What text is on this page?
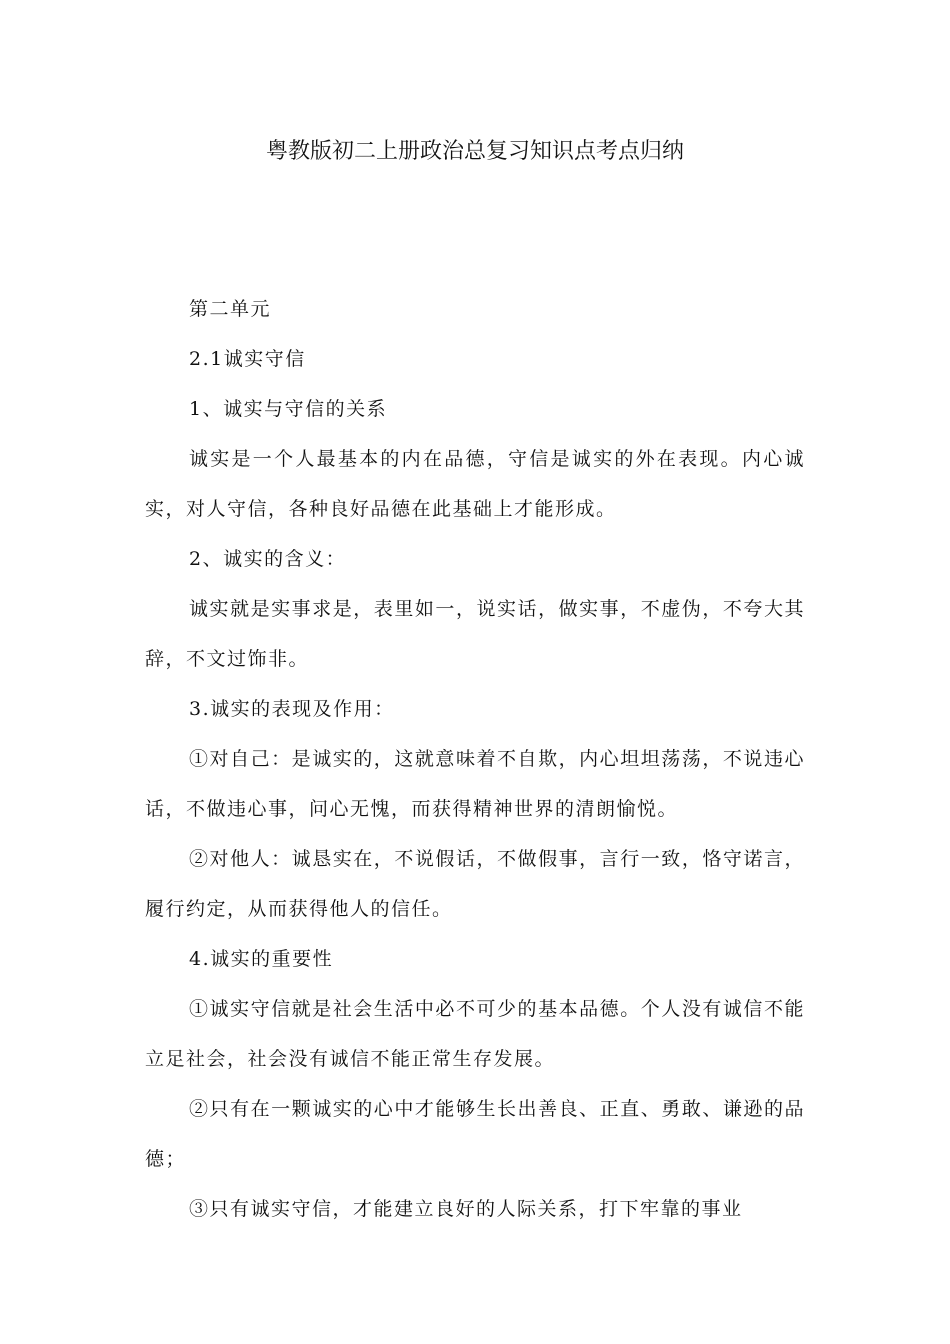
粤教版初二上册政治总复习知识点考点归纳

第二单元

2.1诚实守信

1、诚实与守信的关系

诚实是一个人最基本的内在品德，守信是诚实的外在表现。内心诚实，对人守信，各种良好品德在此基础上才能形成。

2、诚实的含义：

诚实就是实事求是，表里如一，说实话，做实事，不虚伪，不夸大其辞，不文过饰非。

3.诚实的表现及作用：

①对自己：是诚实的，这就意味着不自欺，内心坦坦荡荡，不说违心话，不做违心事，问心无愧，而获得精神世界的清朗愉悦。

②对他人：诚恳实在，不说假话，不做假事，言行一致，恪守诺言，履行约定，从而获得他人的信任。

4.诚实的重要性

①诚实守信就是社会生活中必不可少的基本品德。个人没有诚信不能立足社会，社会没有诚信不能正常生存发展。

②只有在一颗诚实的心中才能够生长出善良、正直、勇敢、谦逊的品德；

③只有诚实守信，才能建立良好的人际关系，打下牢靠的事业
